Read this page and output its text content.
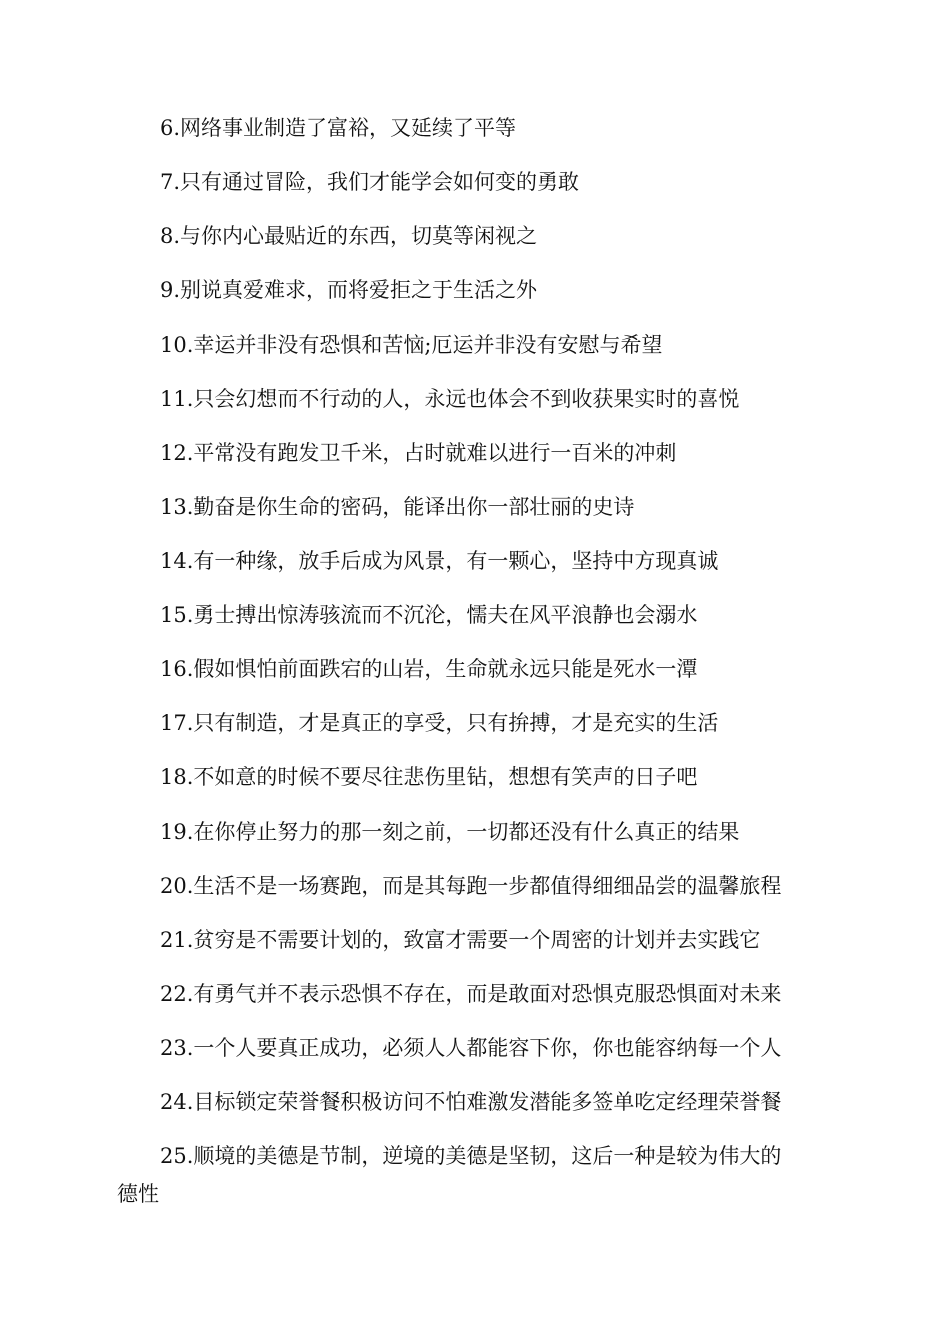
6.网络事业制造了富裕，又延续了平等
7.只有通过冒险，我们才能学会如何变的勇敢
8.与你内心最贴近的东西，切莫等闲视之
9.别说真爱难求，而将爱拒之于生活之外
10.幸运并非没有恐惧和苦恼;厄运并非没有安慰与希望
11.只会幻想而不行动的人，永远也体会不到收获果实时的喜悦
12.平常没有跑发卫千米，占时就难以进行一百米的冲刺
13.勤奋是你生命的密码，能译出你一部壮丽的史诗
14.有一种缘，放手后成为风景，有一颗心，坚持中方现真诚
15.勇士搏出惊涛骇流而不沉沦，懦夫在风平浪静也会溺水
16.假如惧怕前面跌宕的山岩，生命就永远只能是死水一潭
17.只有制造，才是真正的享受，只有拚搏，才是充实的生活
18.不如意的时候不要尽往悲伤里钻，想想有笑声的日子吧
19.在你停止努力的那一刻之前，一切都还没有什么真正的结果
20.生活不是一场赛跑，而是其每跑一步都值得细细品尝的温馨旅程
21.贫穷是不需要计划的，致富才需要一个周密的计划并去实践它
22.有勇气并不表示恐惧不存在，而是敢面对恐惧克服恐惧面对未来
23.一个人要真正成功，必须人人都能容下你，你也能容纳每一个人
24.目标锁定荣誉餐积极访问不怕难激发潜能多签单吃定经理荣誉餐
25.顺境的美德是节制，逆境的美德是坚韧，这后一种是较为伟大的
德性
